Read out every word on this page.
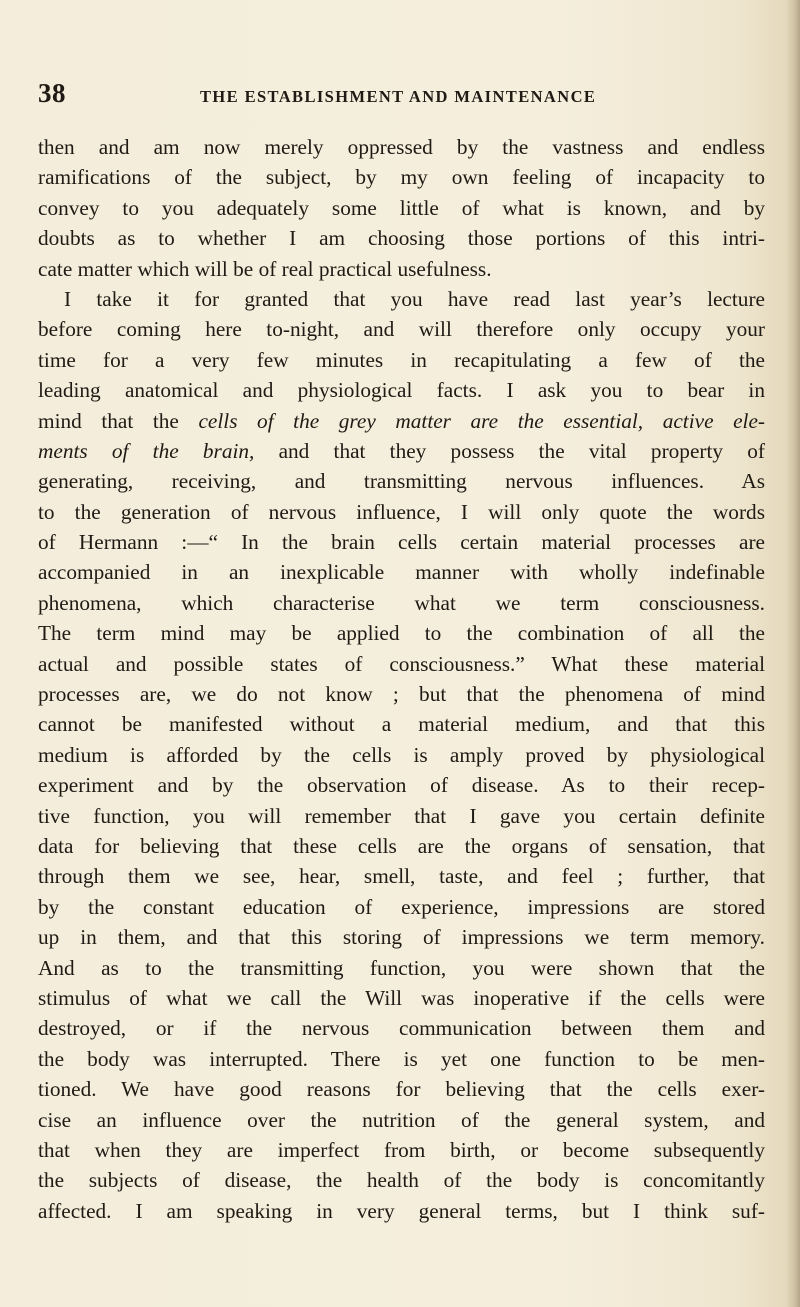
38	THE ESTABLISHMENT AND MAINTENANCE
then and am now merely oppressed by the vastness and endless
ramifications of the subject, by my own feeling of incapacity to
convey to you adequately some little of what is known, and by
doubts as to whether I am choosing those portions of this intri-
cate matter which will be of real practical usefulness.
I take it for granted that you have read last year’s lecture
before coming here to-night, and will therefore only occupy your
time for a very few minutes in recapitulating a few of the
leading anatomical and physiological facts. I ask you to bear in
mind that the cells of the grey matter are the essential, active ele-
ments of the brain, and that they possess the vital property of
generating, receiving, and transmitting nervous influences. As
to the generation of nervous influence, I will only quote the words
of Hermann :—“ In the brain cells certain material processes are
accompanied in an inexplicable manner with wholly indefinable
phenomena, which characterise what we term consciousness.
The term mind may be applied to the combination of all the
actual and possible states of consciousness.” What these material
processes are, we do not know ; but that the phenomena of mind
cannot be manifested without a material medium, and that this
medium is afforded by the cells is amply proved by physiological
experiment and by the observation of disease. As to their recep-
tive function, you will remember that I gave you certain definite
data for believing that these cells are the organs of sensation, that
through them we see, hear, smell, taste, and feel ; further, that
by the constant education of experience, impressions are stored
up in them, and that this storing of impressions we term memory.
And as to the transmitting function, you were shown that the
stimulus of what we call the Will was inoperative if the cells were
destroyed, or if the nervous communication between them and
the body was interrupted. There is yet one function to be men-
tioned. We have good reasons for believing that the cells exer-
cise an influence over the nutrition of the general system, and
that when they are imperfect from birth, or become subsequently
the subjects of disease, the health of the body is concomitantly
affected. I am speaking in very general terms, but I think suf-
